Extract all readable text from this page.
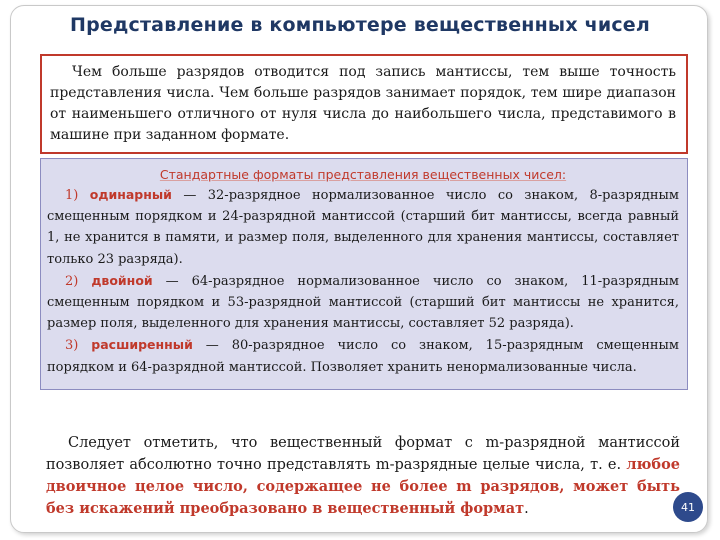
Представление в компьютере вещественных чисел

Чем больше разрядов отводится под запись мантиссы, тем выше точность представления числа. Чем больше разрядов занимает порядок, тем шире диапазон от наименьшего отличного от нуля числа до наибольшего числа, представимого в машине при заданном формате.

Стандартные форматы представления вещественных чисел:

1) одинарный — 32-разрядное нормализованное число со знаком, 8-разрядным смещенным порядком и 24-разрядной мантиссой (старший бит мантиссы, всегда равный 1, не хранится в памяти, и размер поля, выделенного для хранения мантиссы, составляет только 23 разряда).

2) двойной — 64-разрядное нормализованное число со знаком, 11-разрядным смещенным порядком и 53-разрядной мантиссой (старший бит мантиссы не хранится, размер поля, выделенного для хранения мантиссы, составляет 52 разряда).

3) расширенный — 80-разрядное число со знаком, 15-разрядным смещенным порядком и 64-разрядной мантиссой. Позволяет хранить ненормализованные числа.

Следует отметить, что вещественный формат с m-разрядной мантиссой позволяет абсолютно точно представлять m-разрядные целые числа, т. е. любое двоичное целое число, содержащее не более m разрядов, может быть без искажений преобразовано в вещественный формат.	41
